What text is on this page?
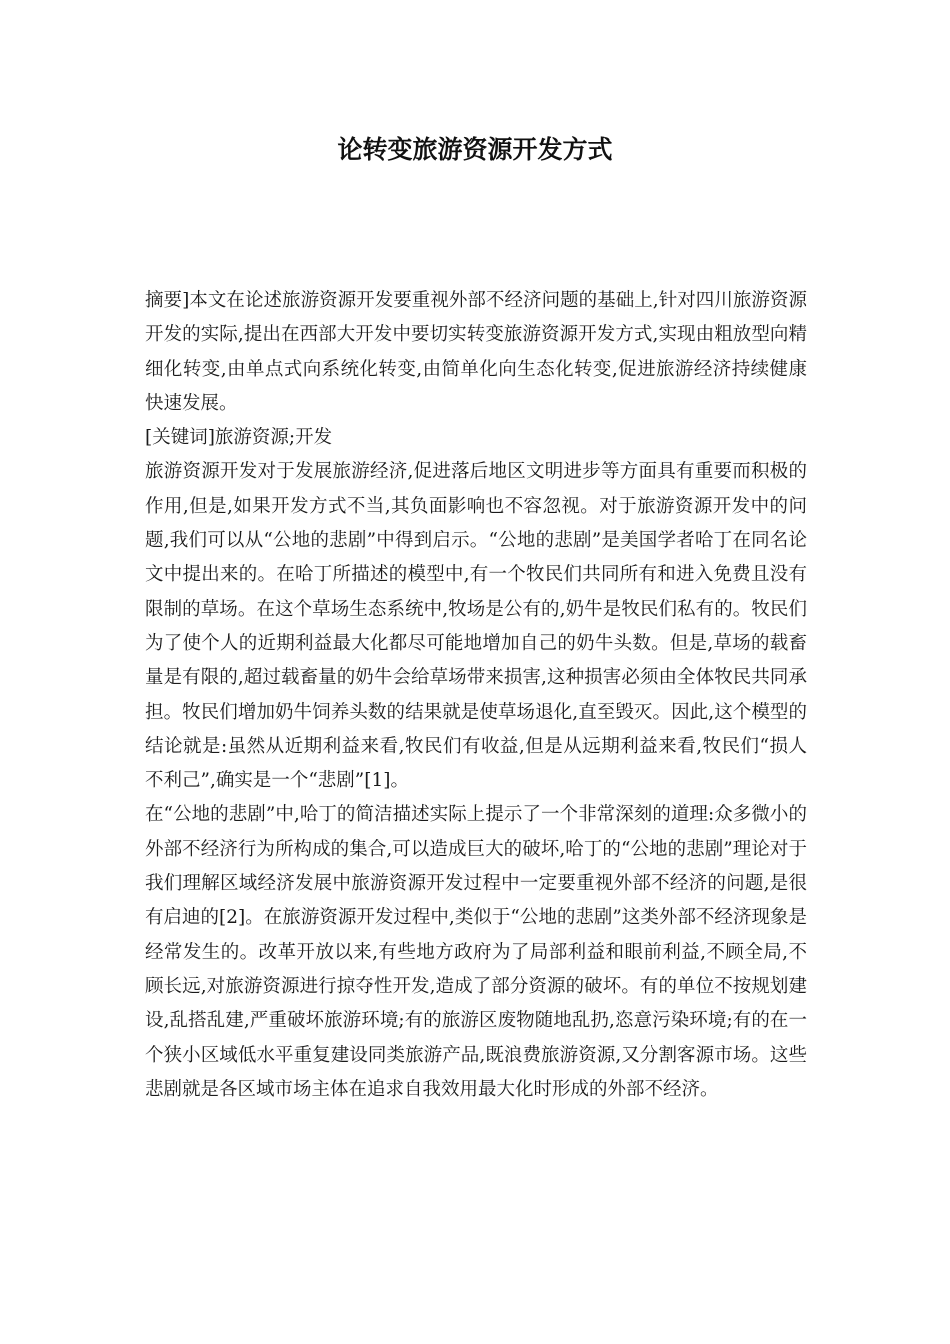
论转变旅游资源开发方式

摘要]本文在论述旅游资源开发要重视外部不经济问题的基础上,针对四川旅游资源开发的实际,提出在西部大开发中要切实转变旅游资源开发方式,实现由粗放型向精细化转变,由单点式向系统化转变,由简单化向生态化转变,促进旅游经济持续健康快速发展。

[关键词]旅游资源;开发

旅游资源开发对于发展旅游经济,促进落后地区文明进步等方面具有重要而积极的作用,但是,如果开发方式不当,其负面影响也不容忽视。对于旅游资源开发中的问题,我们可以从“公地的悲剧”中得到启示。“公地的悲剧”是美国学者哈丁在同名论文中提出来的。在哈丁所描述的模型中,有一个牧民们共同所有和进入免费且没有限制的草场。在这个草场生态系统中,牧场是公有的,奶牛是牧民们私有的。牧民们为了使个人的近期利益最大化都尽可能地增加自己的奶牛头数。但是,草场的载畜量是有限的,超过载畜量的奶牛会给草场带来损害,这种损害必须由全体牧民共同承担。牧民们增加奶牛饲养头数的结果就是使草场退化,直至毁灭。因此,这个模型的结论就是:虽然从近期利益来看,牧民们有收益,但是从远期利益来看,牧民们“损人不利己”,确实是一个“悲剧”[1]。

在“公地的悲剧”中,哈丁的简洁描述实际上提示了一个非常深刻的道理:众多微小的外部不经济行为所构成的集合,可以造成巨大的破坏,哈丁的“公地的悲剧”理论对于我们理解区域经济发展中旅游资源开发过程中一定要重视外部不经济的问题,是很有启迪的[2]。在旅游资源开发过程中,类似于“公地的悲剧”这类外部不经济现象是经常发生的。改革开放以来,有些地方政府为了局部利益和眼前利益,不顾全局,不顾长远,对旅游资源进行掠夺性开发,造成了部分资源的破坏。有的单位不按规划建设,乱搭乱建,严重破坏旅游环境;有的旅游区废物随地乱扔,恣意污染环境;有的在一个狭小区域低水平重复建设同类旅游产品,既浪费旅游资源,又分割客源市场。这些悲剧就是各区域市场主体在追求自我效用最大化时形成的外部不经济。
